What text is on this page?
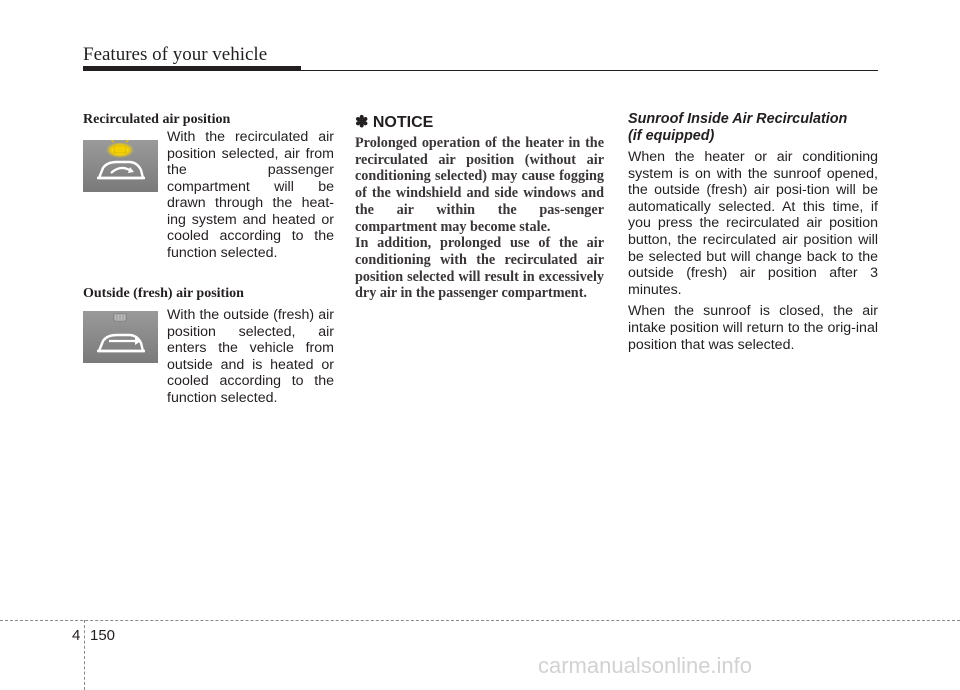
Features of your vehicle
Recirculated air position
With the recirculated air position selected, air from the passenger compartment will be drawn through the heat-ing system and heated or cooled according to the function selected.
Outside (fresh) air position
With the outside (fresh) air position selected, air enters the vehicle from outside and is heated or cooled according to the function selected.
✽ NOTICE

Prolonged operation of the heater in the recirculated air position (without air conditioning selected) may cause fogging of the windshield and side windows and the air within the pas-senger compartment may become stale.

In addition, prolonged use of the air conditioning with the recirculated air position selected will result in excessively dry air in the passenger compartment.

Sunroof Inside Air Recirculation
(if equipped)

When the heater or air conditioning system is on with the sunroof opened, the outside (fresh) air posi-tion will be automatically selected. At this time, if you press the recirculated air position button, the recirculated air position will be selected but will change back to the outside (fresh) air position after 3 minutes.

When the sunroof is closed, the air intake position will return to the orig-inal position that was selected.

4 150
carmanualsonline.info
